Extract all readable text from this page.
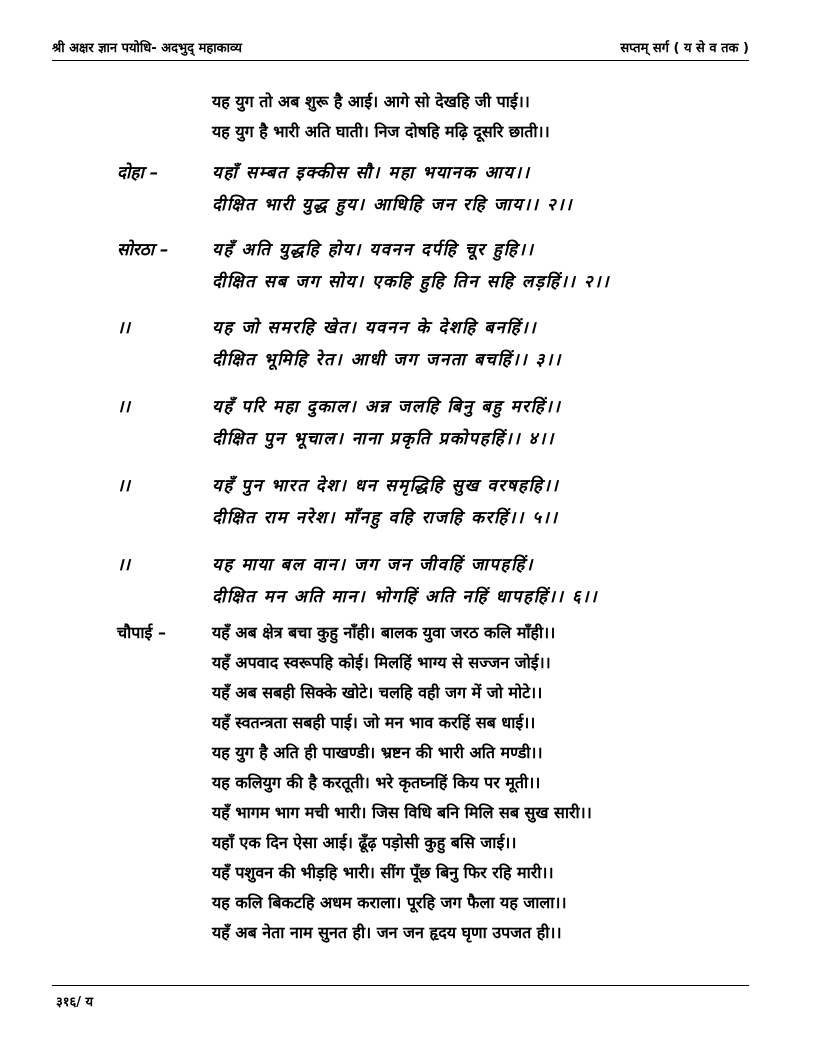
श्री अक्षर ज्ञान पयोधि- अदभुद् महाकाव्य	सप्तम् सर्ग ( य से व तक )
यह युग तो अब शुरू है आई। आगे सो देखहि जी पाई।।
यह युग है भारी अति घाती। निज दोषहि मढ़ि दूसरि छाती।।
दोहा –	यहाँ सम्बत इक्कीस सौ। महा भयानक आय।।
दीक्षित भारी युद्ध हुय। आधिहि जन रहि जाय।। २।।
सोरठा –	यहँ अति युद्धहि होय। यवनन दर्पहि चूर हुहि।।
दीक्षित सब जग सोय। एकहि हुहि तिन सहि लड़हिं।। २।।
।।	यह जो समरहि खेत। यवनन के देशहि बनहिं।।
दीक्षित भूमिहि रेत। आधी जग जनता बचहिं।। ३।।
।।	यहँ परि महा दुकाल। अन्न जलहि बिनु बहु मरहिं।।
दीक्षित पुन भूचाल। नाना प्रकृति प्रकोपहहिं।। ४।।
।।	यहँ पुन भारत देश। धन समृद्धिहि सुख वरषहहि।।
दीक्षित राम नरेश। माँनहु वहि राजहि करहिं।। ५।।
।।	यह माया बल वान। जग जन जीवहिं जापहहिं।
दीक्षित मन अति मान। भोगहिं अति नहिं धापहहिं।। ६।।
चौपाई –	यहँ अब क्षेत्र बचा कुहु नाँही। बालक युवा जरठ कलि माँही।।
यहँ अपवाद स्वरूपहि कोई। मिलहिं भाग्य से सज्जन जोई।।
यहँ अब सबही सिक्के खोटे। चलहि वही जग में जो मोटे।।
यहँ स्वतन्त्रता सबही पाई। जो मन भाव करहिं सब धाई।।
यह युग है अति ही पाखण्डी। भ्रष्टन की भारी अति मण्डी।।
यह कलियुग की है करतूती। भरे कृतघ्नहिं किय पर मूती।।
यहँ भागम भाग मची भारी। जिस विधि बनि मिलि सब सुख सारी।।
यहाँ एक दिन ऐसा आई। ढूँढ़ पड़ोसी कुहु बसि जाई।।
यहँ पशुवन की भीड़हि भारी। सींग पूँछ बिनु फिर रहि मारी।।
यह कलि बिकटहि अधम कराला। पूरहि जग फैला यह जाला।।
यहँ अब नेता नाम सुनत ही। जन जन हृदय घृणा उपजत ही।।
३१६/ य
